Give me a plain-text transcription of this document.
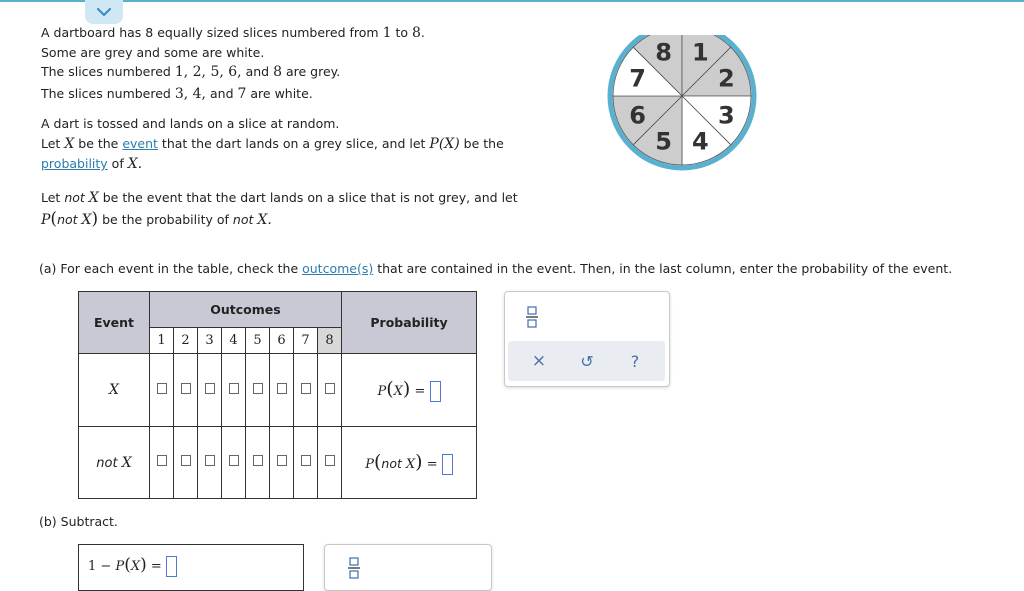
A dartboard has 8 equally sized slices numbered from 1 to 8.
Some are grey and some are white.
The slices numbered 1, 2, 5, 6, and 8 are grey.
The slices numbered 3, 4, and 7 are white.
A dart is tossed and lands on a slice at random.
Let X be the event that the dart lands on a grey slice, and let P(X) be the
probability of X.
Let not X be the event that the dart lands on a slice that is not grey, and let
P(not X) be the probability of not X.
8 1
2
3
4
5
6
7
(a) For each event in the table, check the outcome(s) that are contained in the event. Then, in the last column, enter the probability of the event.
Event	Outcomes								Probability
	1	2	3	4	5	6	7	8	
X									P(X) =
not X									P(not X) =
×	↺	?
(b) Subtract.
1 − P(X) =
